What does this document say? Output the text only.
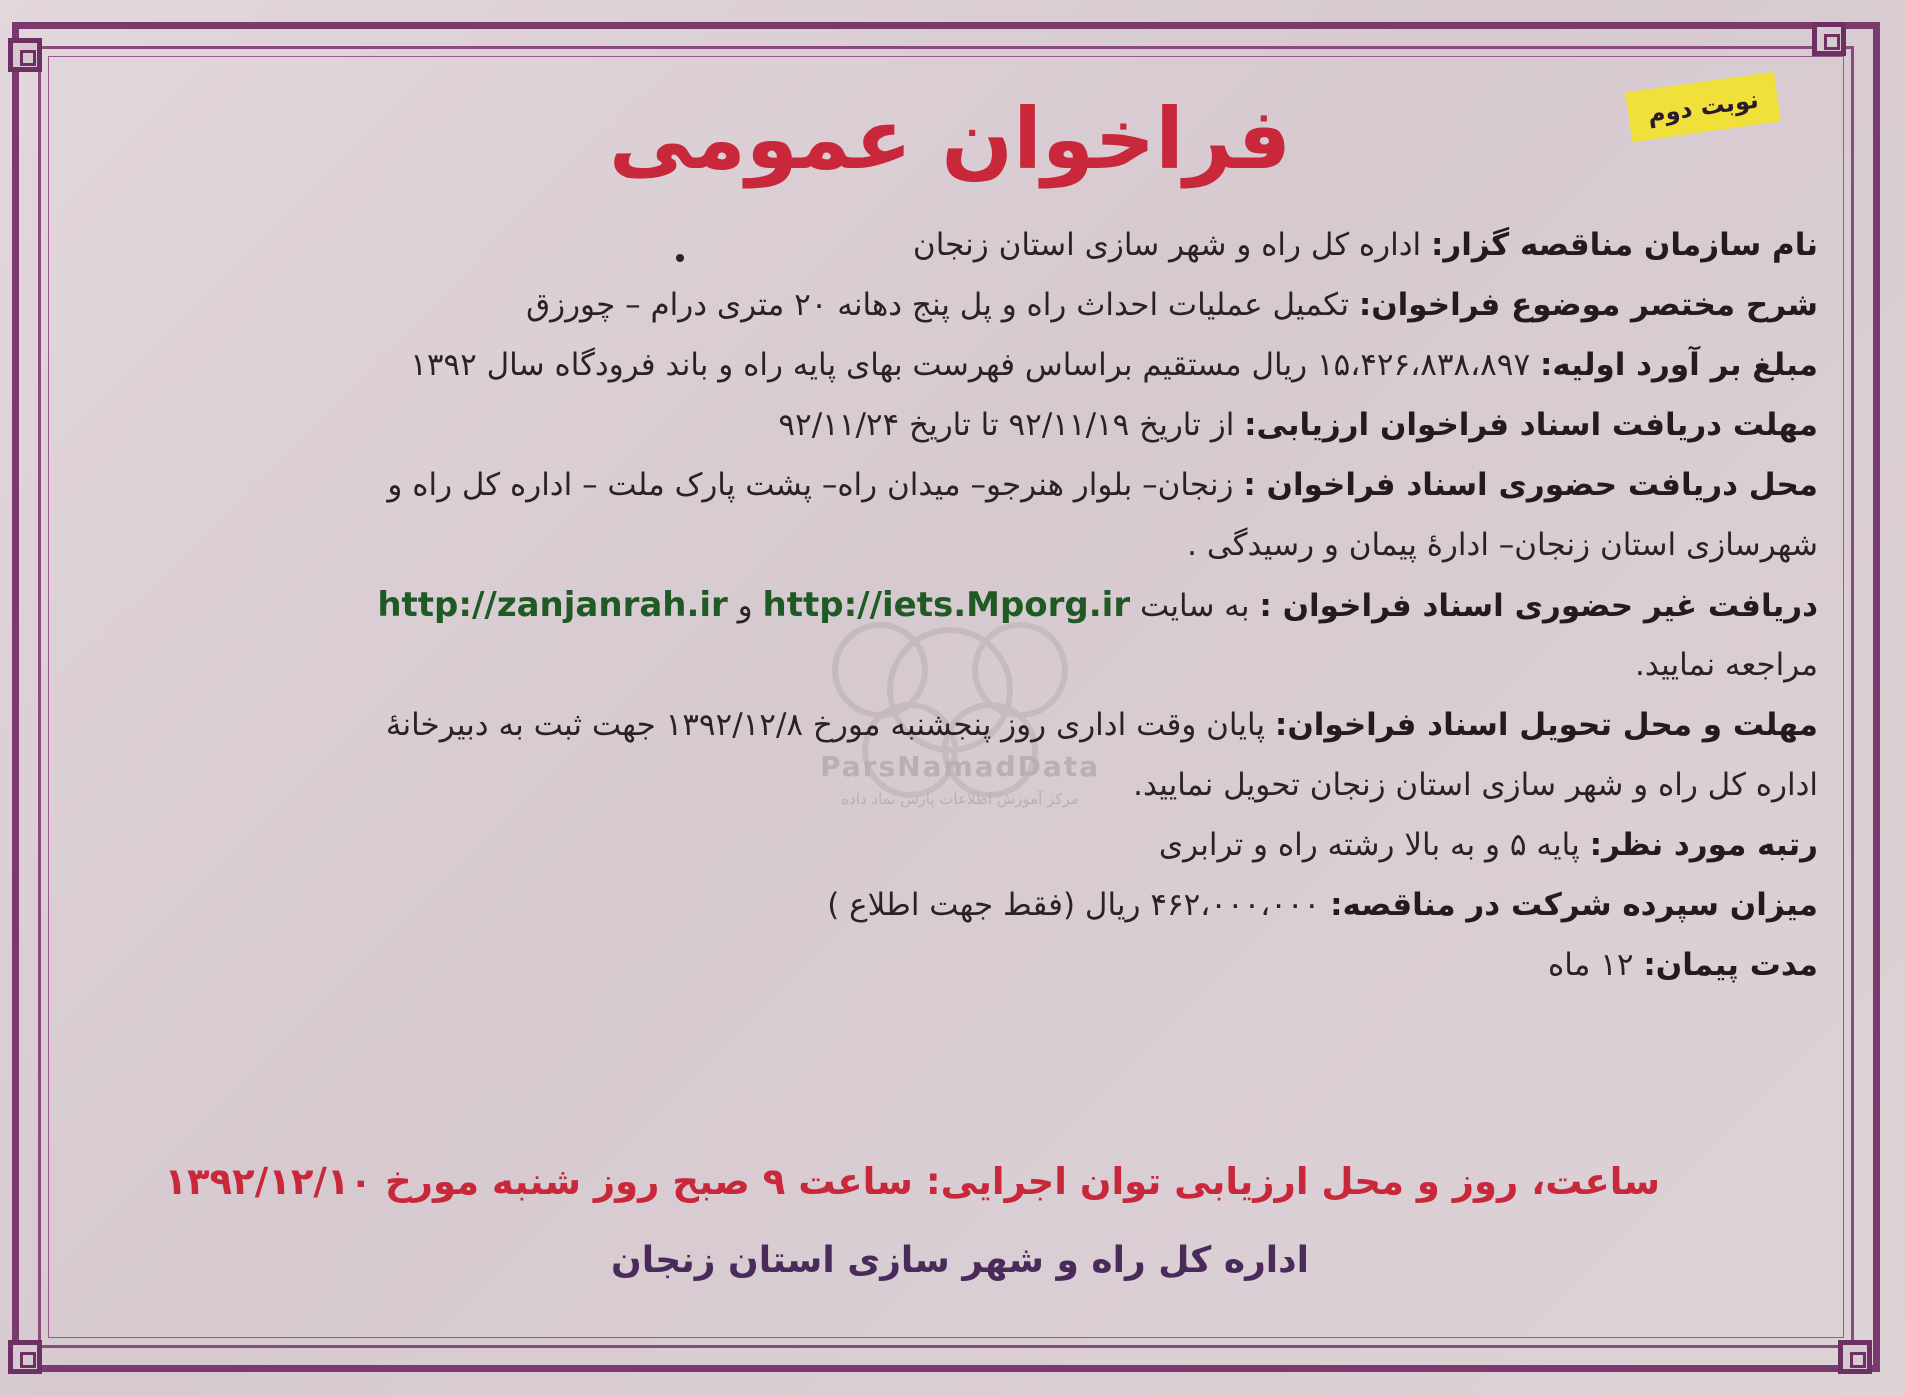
نوبت دوم
فراخوان عمومی
ParsNamadData
مرکز آموزش اطلاعات پارس نماد داده
نام سازمان مناقصه گزار: اداره کل راه و شهر سازی استان زنجان
شرح مختصر موضوع فراخوان: تکمیل عملیات احداث راه و پل پنج دهانه ۲۰ متری درام – چورزق
مبلغ بر آورد اولیه: ۱۵،۴۲۶،۸۳۸،۸۹۷ ریال مستقیم براساس فهرست بهای پایه راه و باند فرودگاه سال ۱۳۹۲
مهلت دریافت اسناد فراخوان ارزیابی: از تاریخ ۹۲/۱۱/۱۹ تا تاریخ ۹۲/۱۱/۲۴
محل دریافت حضوری اسناد فراخوان : زنجان– بلوار هنرجو– میدان راه– پشت پارک ملت – اداره کل راه و
شهرسازی استان زنجان– ادارهٔ پیمان و رسیدگی .
دریافت غیر حضوری اسناد فراخوان : به سایت http://iets.Mporg.ir و http://zanjanrah.ir
مراجعه نمایید.
مهلت و محل تحویل اسناد فراخوان: پایان وقت اداری روز پنجشنبه مورخ ۱۳۹۲/۱۲/۸ جهت ثبت به دبیرخانهٔ
اداره کل راه و شهر سازی استان زنجان تحویل نمایید.
رتبه مورد نظر: پایه ۵ و به بالا رشته راه و ترابری
میزان سپرده شرکت در مناقصه: ۴۶۲،۰۰۰،۰۰۰ ریال (فقط جهت اطلاع )
مدت پیمان: ۱۲ ماه
ساعت، روز و محل ارزیابی توان اجرایی: ساعت ۹ صبح روز شنبه مورخ ۱۳۹۲/۱۲/۱۰
اداره کل راه و شهر سازی استان زنجان
